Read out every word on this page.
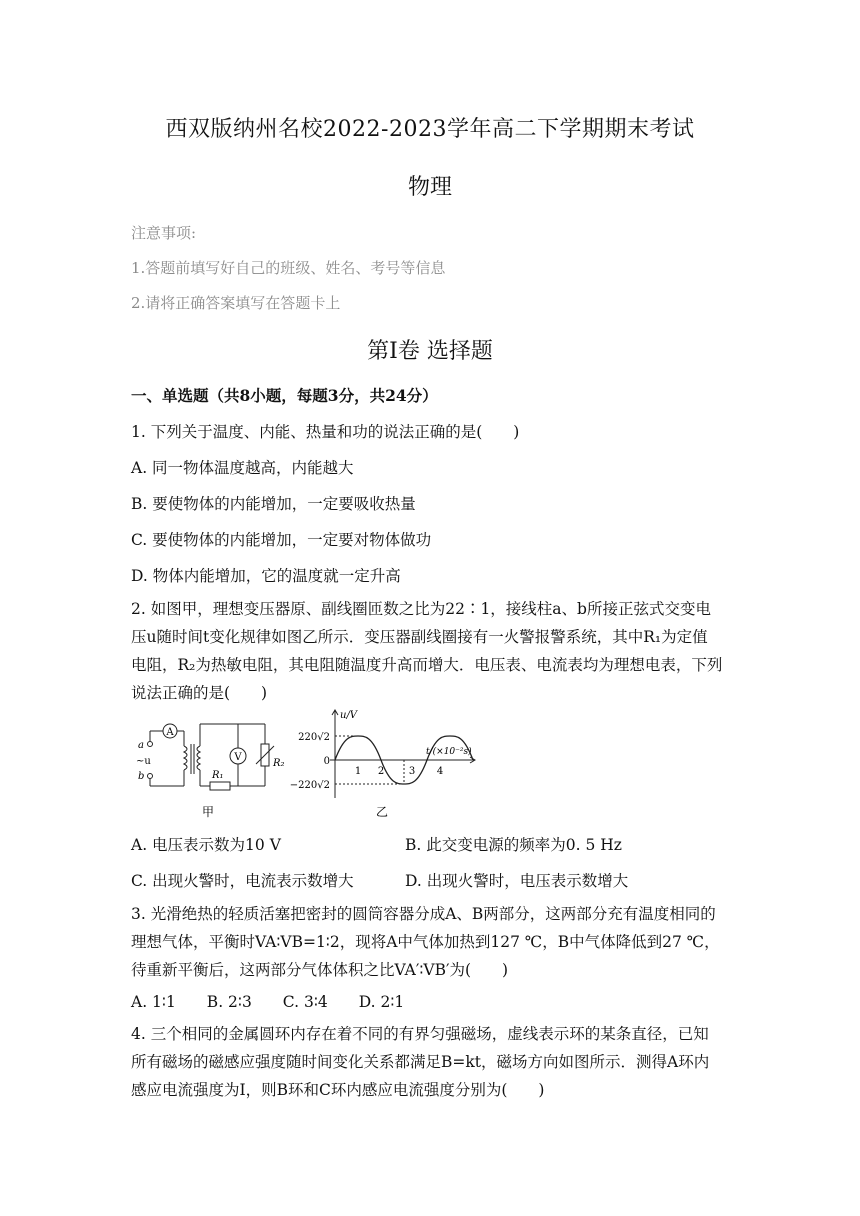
西双版纳州名校2022-2023学年高二下学期期末考试
物理
注意事项:
1.答题前填写好自己的班级、姓名、考号等信息
2.请将正确答案填写在答题卡上
第Ⅰ卷 选择题
一、单选题（共8小题，每题3分，共24分）
1. 下列关于温度、内能、热量和功的说法正确的是(　　)
A. 同一物体温度越高，内能越大
B. 要使物体的内能增加，一定要吸收热量
C. 要使物体的内能增加，一定要对物体做功
D. 物体内能增加，它的温度就一定升高

2. 如图甲，理想变压器原、副线圈匝数之比为22∶1，接线柱a、b所接正弦式交变电

压u随时间t变化规律如图乙所示．变压器副线圈接有一火警报警系统，其中R₁为定值

电阻，R₂为热敏电阻，其电阻随温度升高而增大．电压表、电流表均为理想电表，下列

说法正确的是(　　)

A
V
a
b
~u
R₁
R₂
甲
u/V
t/(×10⁻²s)
220√2
−220√2
0
1 2 3 4
乙
A. 电压表示数为10 V	B. 此交变电源的频率为0. 5 Hz
C. 出现火警时，电流表示数增大	D. 出现火警时，电压表示数增大

3. 光滑绝热的轻质活塞把密封的圆筒容器分成A、B两部分，这两部分充有温度相同的

理想气体，平衡时VA∶VB=1∶2，现将A中气体加热到127 ℃，B中气体降低到27 ℃，

待重新平衡后，这两部分气体体积之比VA′∶VB′为(　　)

A. 1∶1　　B. 2∶3　　C. 3∶4　　D. 2∶1

4. 三个相同的金属圆环内存在着不同的有界匀强磁场，虚线表示环的某条直径，已知

所有磁场的磁感应强度随时间变化关系都满足B=kt，磁场方向如图所示．测得A环内

感应电流强度为I，则B环和C环内感应电流强度分别为(　　)
